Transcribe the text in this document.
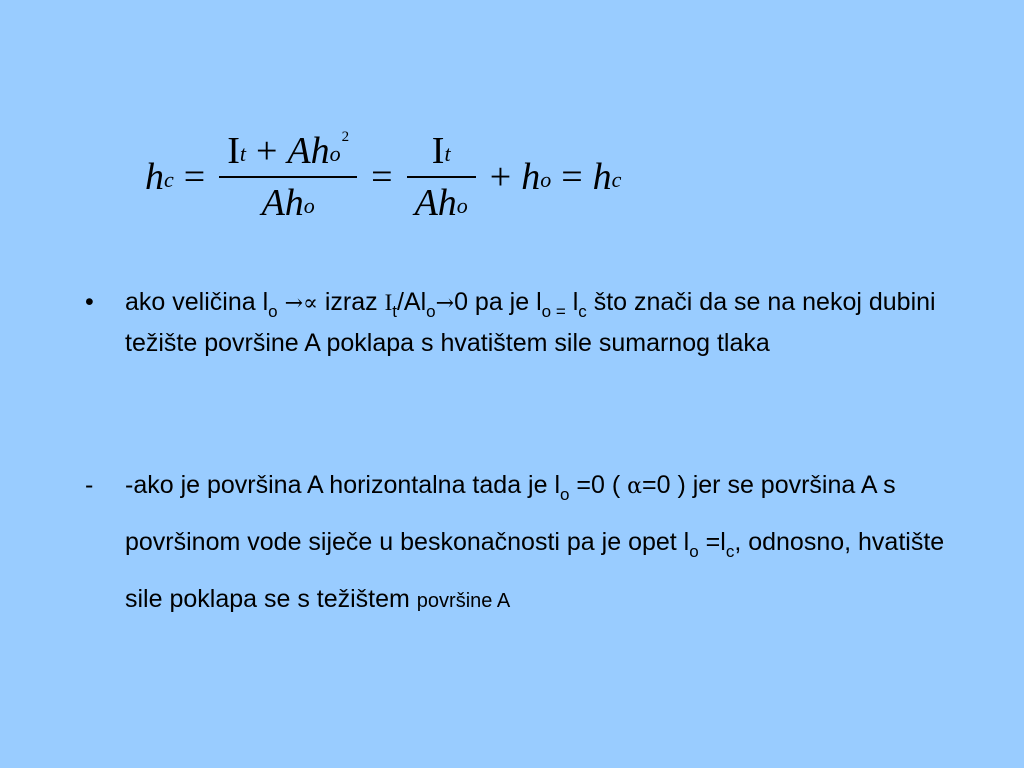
h c = I t + A h o
2
A h $o = \frac{\text{I t}}{\text{A h o}} + h$ o = h c
•	ako veličina $l_o$ →∝ izraz $I_t/Al_o\to 0$ pa je $l_{o =}$ $l_c$ što znači da se na nekoj dubini težište površine A poklapa s hvatištem sile sumarnog tlaka
-	-ako je površina A horizontalna tada je $l_o =0$ ( α=0 ) jer se površina A s površinom vode siječe u beskonačnosti pa je opet $l_o =l_c$, odnosno, hvatište sile poklapa se s težištem površine A
